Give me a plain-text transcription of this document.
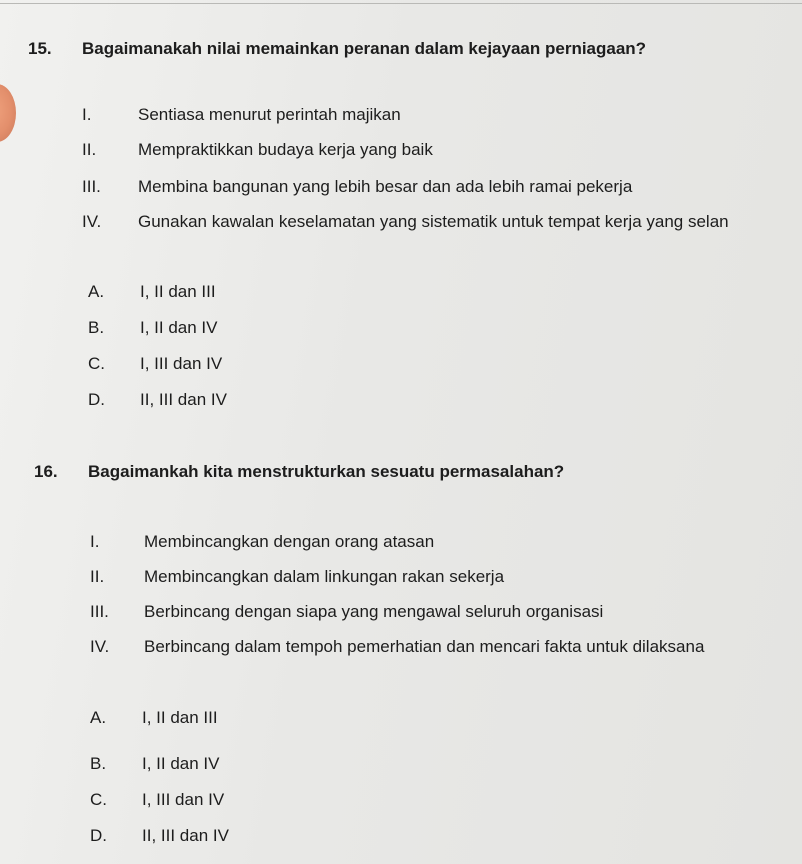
15. Bagaimanakah nilai memainkan peranan dalam kejayaan perniagaan?
I.	Sentiasa menurut perintah majikan
II. Mempraktikkan budaya kerja yang baik
III. Membina bangunan yang lebih besar dan ada lebih ramai pekerja
IV. Gunakan kawalan keselamatan yang sistematik untuk tempat kerja yang selan
A. I, II dan III
B. I, II dan IV
C. I, III dan IV
D. II, III dan IV
16. Bagaimankah kita menstrukturkan sesuatu permasalahan?
I.	Membincangkan dengan orang atasan
II. Membincangkan dalam linkungan rakan sekerja
III. Berbincang dengan siapa yang mengawal seluruh organisasi
IV. Berbincang dalam tempoh pemerhatian dan mencari fakta untuk dilaksana
A. I, II dan III
B. I, II dan IV
C. I, III dan IV
D. II, III dan IV
